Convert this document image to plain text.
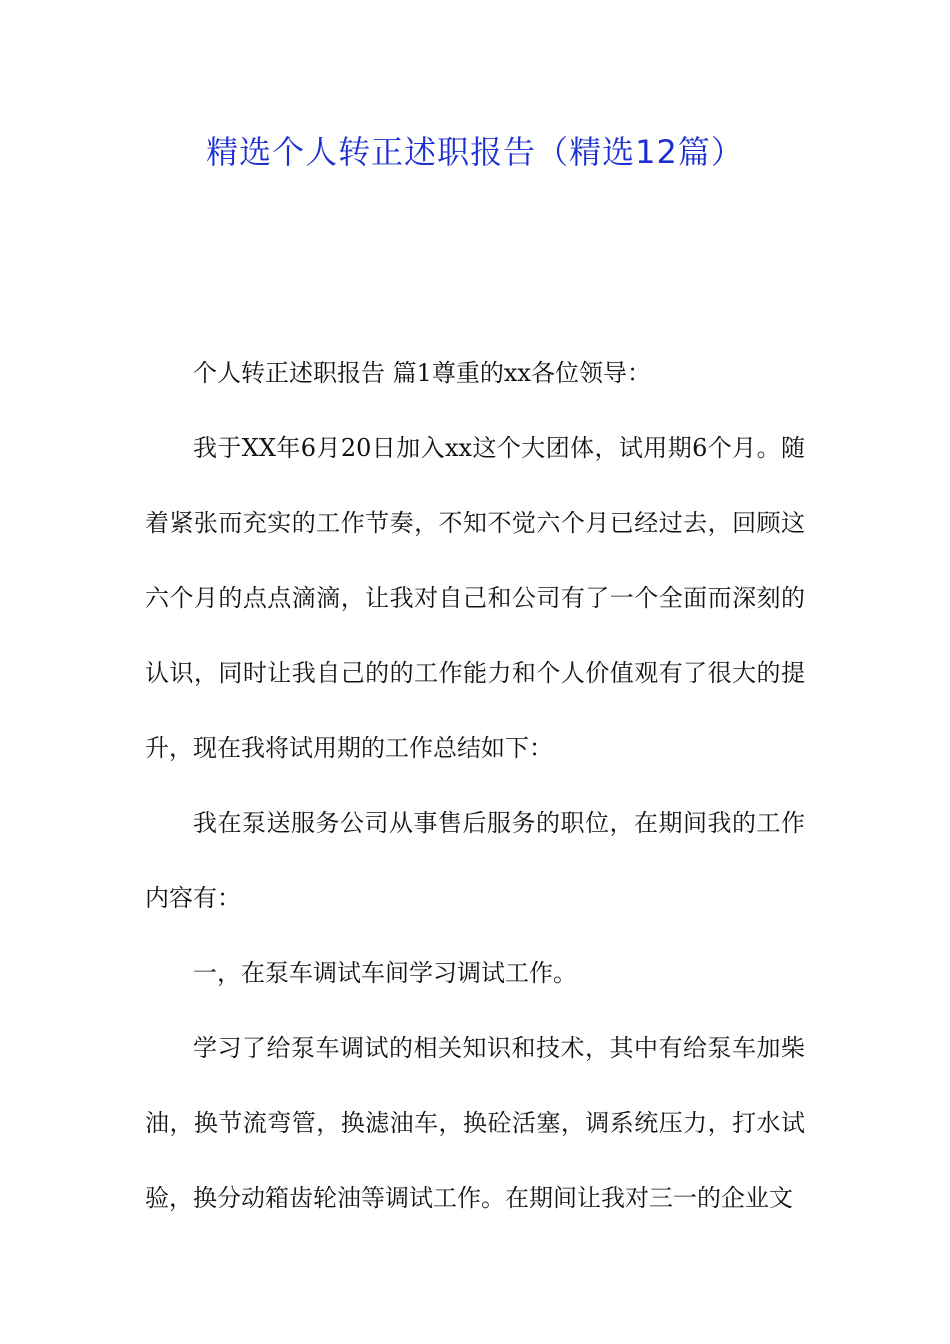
精选个人转正述职报告（精选12篇）

个人转正述职报告 篇1尊重的xx各位领导：

我于XX年6月20日加入xx这个大团体，试用期6个月。随着紧张而充实的工作节奏，不知不觉六个月已经过去，回顾这六个月的点点滴滴，让我对自己和公司有了一个全面而深刻的认识，同时让我自己的的工作能力和个人价值观有了很大的提升，现在我将试用期的工作总结如下：

我在泵送服务公司从事售后服务的职位，在期间我的工作内容有：

一，在泵车调试车间学习调试工作。

学习了给泵车调试的相关知识和技术，其中有给泵车加柴油，换节流弯管，换滤油车，换砼活塞，调系统压力，打水试验，换分动箱齿轮油等调试工作。在期间让我对三一的企业文
